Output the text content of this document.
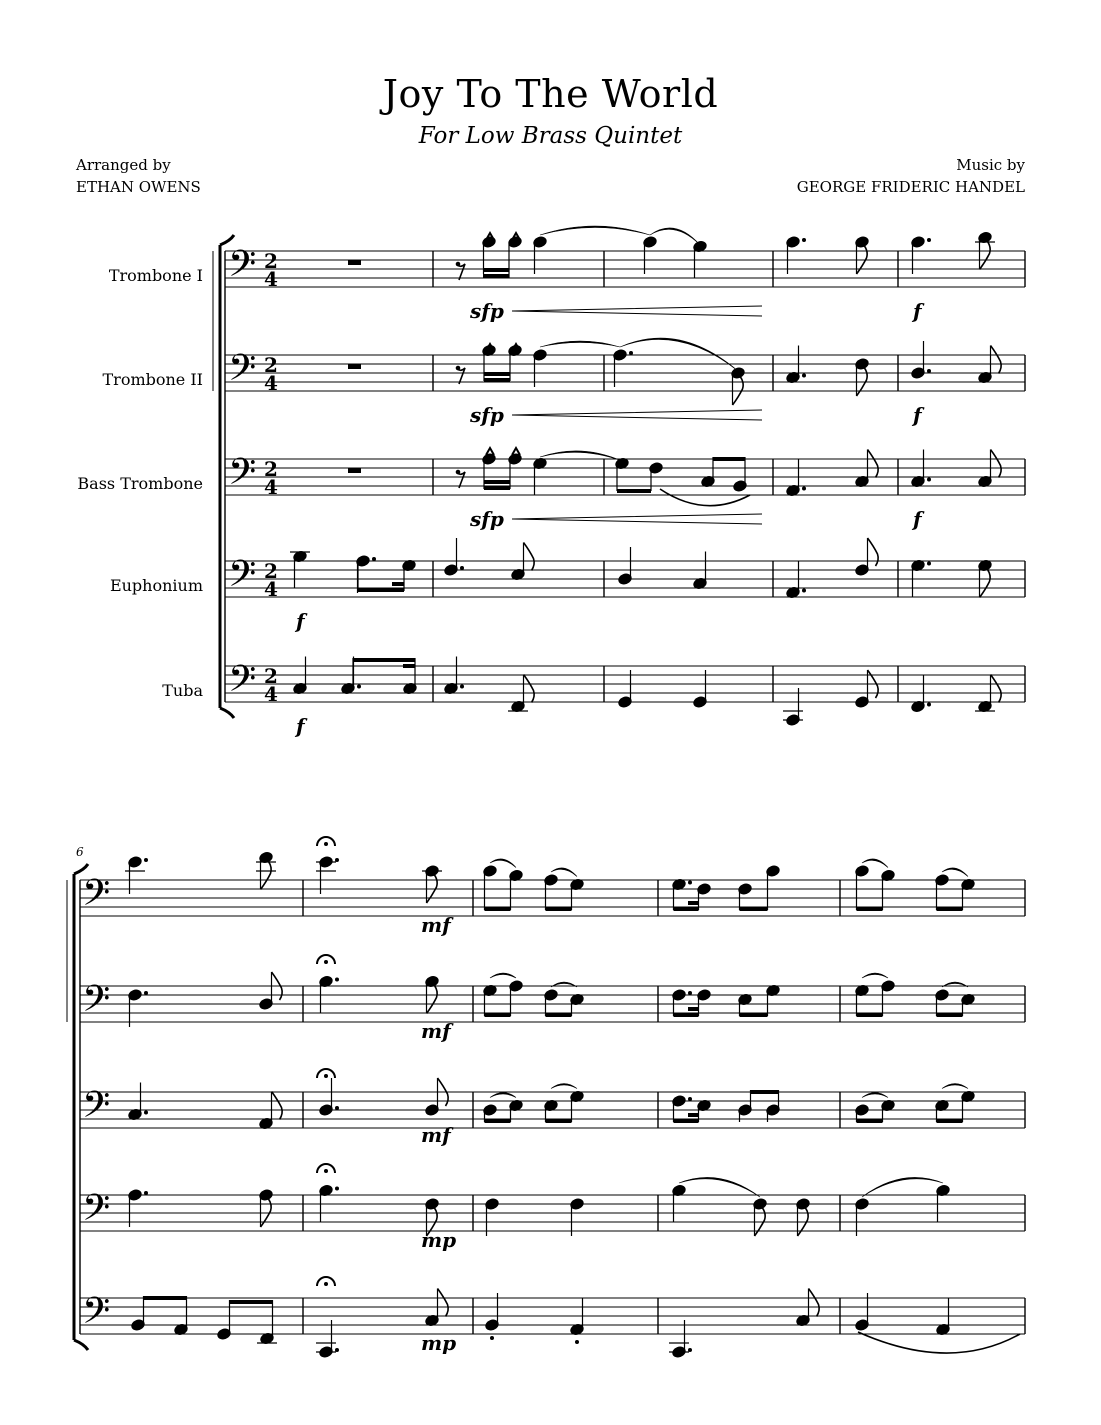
Joy To The World
For Low Brass Quintet
Arranged by
ETHAN OWENS
Music by
GEORGE FRIDERIC HANDEL
Trombone I
Trombone II
Bass Trombone
Euphonium
Tuba
𝄢 2
4
𝄢 2
4
𝄢 2
4
𝄢 2
4
𝄢 2
4
sfp	f
sfp	f
sfp	f
f
f
6
𝄢
𝄢
𝄢
𝄢
𝄢
mf
mf
mf
mp
mp
